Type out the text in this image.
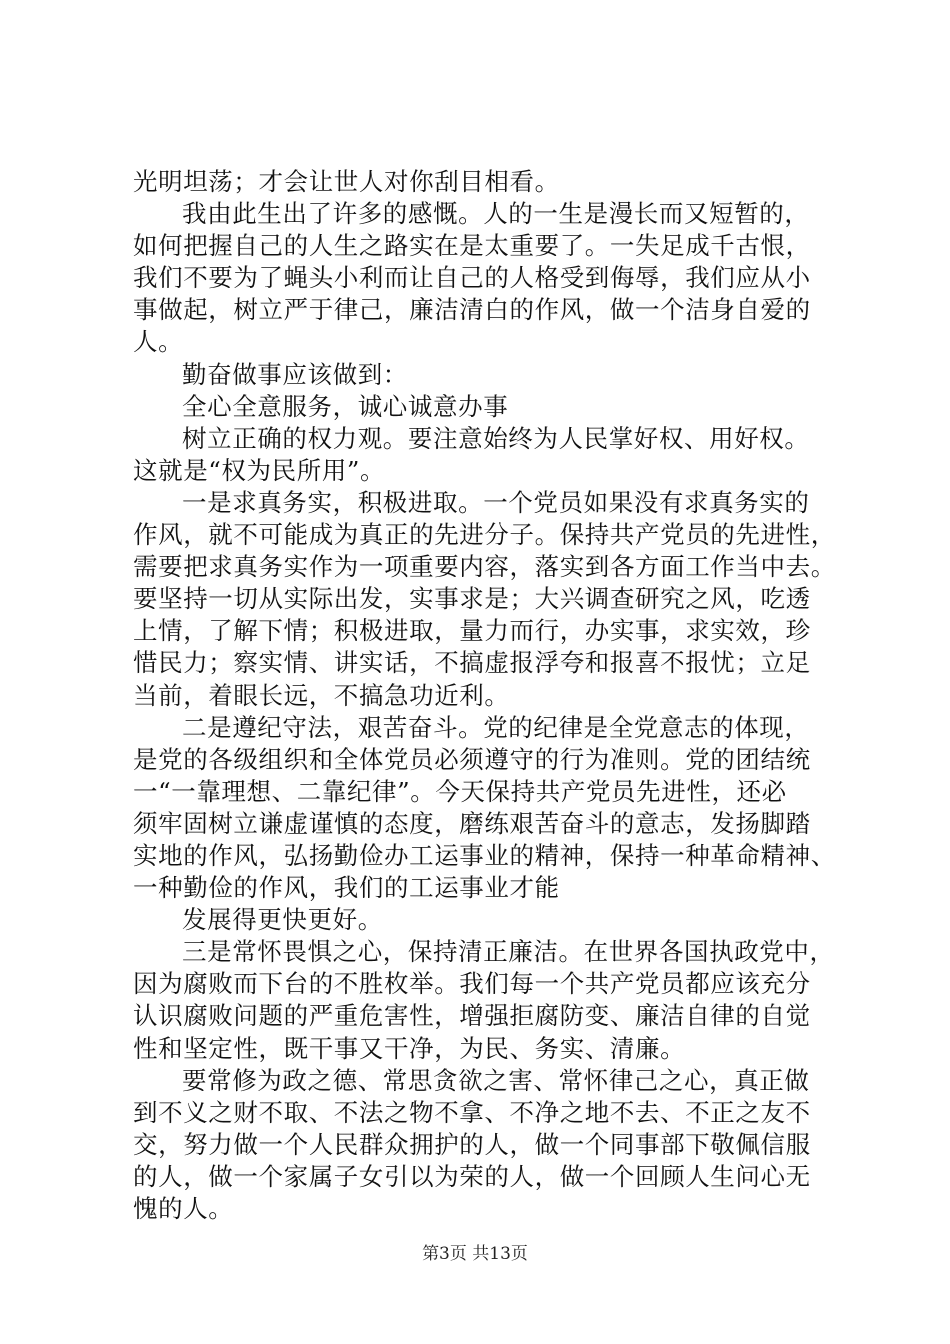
光明坦荡；才会让世人对你刮目相看。
我由此生出了许多的感慨。人的一生是漫长而又短暂的，
如何把握自己的人生之路实在是太重要了。一失足成千古恨，
我们不要为了蝇头小利而让自己的人格受到侮辱，我们应从小
事做起，树立严于律己，廉洁清白的作风，做一个洁身自爱的
人。
勤奋做事应该做到：
全心全意服务，诚心诚意办事
树立正确的权力观。要注意始终为人民掌好权、用好权。
这就是“权为民所用”。
一是求真务实，积极进取。一个党员如果没有求真务实的
作风，就不可能成为真正的先进分子。保持共产党员的先进性，
需要把求真务实作为一项重要内容，落实到各方面工作当中去。
要坚持一切从实际出发，实事求是；大兴调查研究之风，吃透
上情，了解下情；积极进取，量力而行，办实事，求实效，珍
惜民力；察实情、讲实话，不搞虚报浮夸和报喜不报忧；立足
当前，着眼长远，不搞急功近利。
二是遵纪守法，艰苦奋斗。党的纪律是全党意志的体现，
是党的各级组织和全体党员必须遵守的行为准则。党的团结统
一“一靠理想、二靠纪律”。今天保持共产党员先进性，还必
须牢固树立谦虚谨慎的态度，磨练艰苦奋斗的意志，发扬脚踏
实地的作风，弘扬勤俭办工运事业的精神，保持一种革命精神、
一种勤俭的作风，我们的工运事业才能
发展得更快更好。
三是常怀畏惧之心，保持清正廉洁。在世界各国执政党中，
因为腐败而下台的不胜枚举。我们每一个共产党员都应该充分
认识腐败问题的严重危害性，增强拒腐防变、廉洁自律的自觉
性和坚定性，既干事又干净，为民、务实、清廉。
要常修为政之德、常思贪欲之害、常怀律己之心，真正做
到不义之财不取、不法之物不拿、不净之地不去、不正之友不
交，努力做一个人民群众拥护的人，做一个同事部下敬佩信服
的人，做一个家属子女引以为荣的人，做一个回顾人生问心无
愧的人。
第3页 共13页
